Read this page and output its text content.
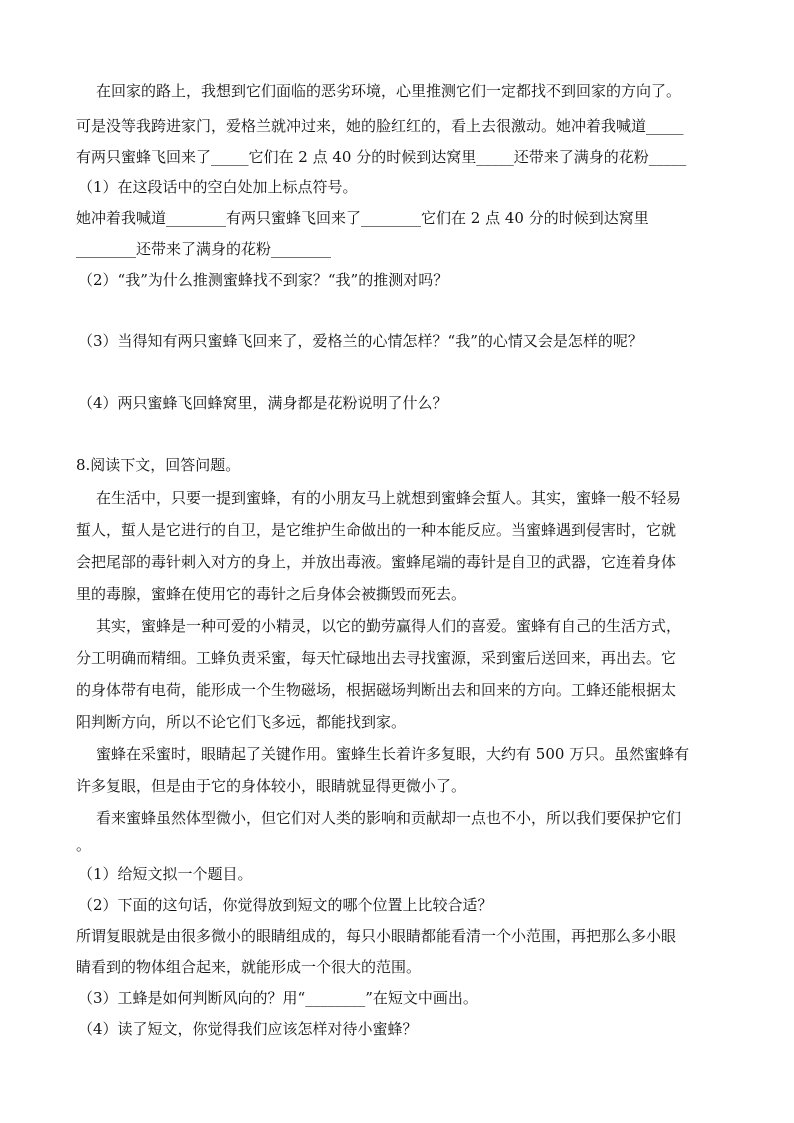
在回家的路上，我想到它们面临的恶劣环境，心里推测它们一定都找不到回家的方向了。
可是没等我跨进家门，爱格兰就冲过来，她的脸红红的，看上去很激动。她冲着我喊道_____
有两只蜜蜂飞回来了_____它们在 2 点 40 分的时候到达窝里_____还带来了满身的花粉_____
（1）在这段话中的空白处加上标点符号。
她冲着我喊道________有两只蜜蜂飞回来了________它们在 2 点 40 分的时候到达窝里
________还带来了满身的花粉________
（2）“我”为什么推测蜜蜂找不到家？“我”的推测对吗？
（3）当得知有两只蜜蜂飞回来了，爱格兰的心情怎样？“我”的心情又会是怎样的呢？
（4）两只蜜蜂飞回蜂窝里，满身都是花粉说明了什么？
8.阅读下文，回答问题。
在生活中，只要一提到蜜蜂，有的小朋友马上就想到蜜蜂会蜇人。其实，蜜蜂一般不轻易
蜇人，蜇人是它进行的自卫，是它维护生命做出的一种本能反应。当蜜蜂遇到侵害时，它就
会把尾部的毒针刺入对方的身上，并放出毒液。蜜蜂尾端的毒针是自卫的武器，它连着身体
里的毒腺，蜜蜂在使用它的毒针之后身体会被撕毁而死去。
其实，蜜蜂是一种可爱的小精灵，以它的勤劳赢得人们的喜爱。蜜蜂有自己的生活方式，
分工明确而精细。工蜂负责采蜜，每天忙碌地出去寻找蜜源，采到蜜后送回来，再出去。它
的身体带有电荷，能形成一个生物磁场，根据磁场判断出去和回来的方向。工蜂还能根据太
阳判断方向，所以不论它们飞多远，都能找到家。
蜜蜂在采蜜时，眼睛起了关键作用。蜜蜂生长着许多复眼，大约有 500 万只。虽然蜜蜂有
许多复眼，但是由于它的身体较小，眼睛就显得更微小了。
看来蜜蜂虽然体型微小，但它们对人类的影响和贡献却一点也不小，所以我们要保护它们
。
（1）给短文拟一个题目。
（2）下面的这句话，你觉得放到短文的哪个位置上比较合适？
所谓复眼就是由很多微小的眼睛组成的，每只小眼睛都能看清一个小范围，再把那么多小眼
睛看到的物体组合起来，就能形成一个很大的范围。
（3）工蜂是如何判断风向的？用“________”在短文中画出。
（4）读了短文，你觉得我们应该怎样对待小蜜蜂？
